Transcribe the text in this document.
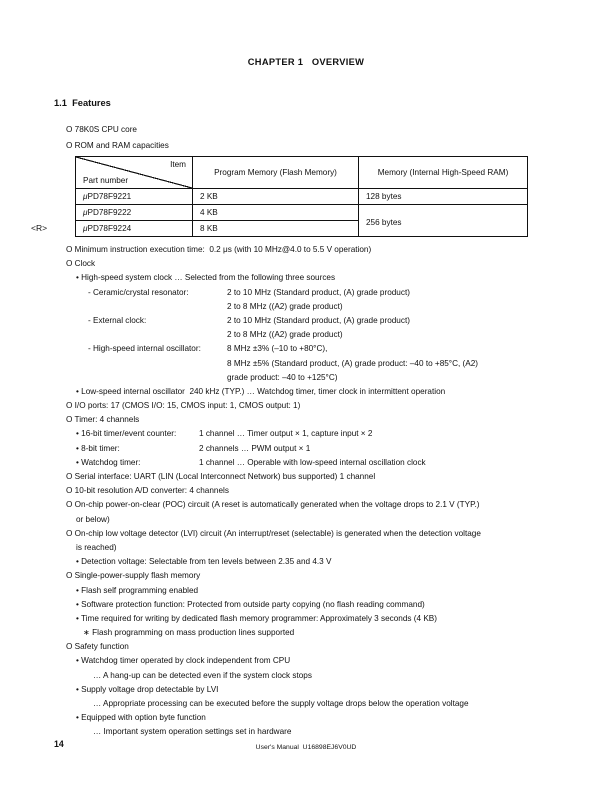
CHAPTER 1   OVERVIEW
1.1  Features
O 78K0S CPU core
O ROM and RAM capacities
<R>
Item
Part number	Program Memory (Flash Memory)	Memory (Internal High-Speed RAM)

μPD78F9221	2 KB	128 bytes

μPD78F9222	4 KB	256 bytes

μPD78F9224	8 KB	
O Minimum instruction execution time:  0.2 μs (with 10 MHz@4.0 to 5.5 V operation)
O Clock
• High-speed system clock … Selected from the following three sources
- Ceramic/crystal resonator:	2 to 10 MHz (Standard product, (A) grade product)
2 to 8 MHz ((A2) grade product)
- External clock:	2 to 10 MHz (Standard product, (A) grade product)
2 to 8 MHz ((A2) grade product)
- High-speed internal oscillator:	8 MHz ±3% (–10 to +80°C),
8 MHz ±5% (Standard product, (A) grade product: –40 to +85°C, (A2)
grade product: –40 to +125°C)
• Low-speed internal oscillator  240 kHz (TYP.) … Watchdog timer, timer clock in intermittent operation
O I/O ports: 17 (CMOS I/O: 15, CMOS input: 1, CMOS output: 1)
O Timer: 4 channels
• 16-bit timer/event counter:	1 channel … Timer output × 1, capture input × 2
• 8-bit timer:	2 channels … PWM output × 1
• Watchdog timer:	1 channel … Operable with low-speed internal oscillation clock
O Serial interface: UART (LIN (Local Interconnect Network) bus supported) 1 channel
O 10-bit resolution A/D converter: 4 channels
O On-chip power-on-clear (POC) circuit (A reset is automatically generated when the voltage drops to 2.1 V (TYP.)
or below)
O On-chip low voltage detector (LVI) circuit (An interrupt/reset (selectable) is generated when the detection voltage
is reached)
• Detection voltage: Selectable from ten levels between 2.35 and 4.3 V
O Single-power-supply flash memory
• Flash self programming enabled
• Software protection function: Protected from outside party copying (no flash reading command)
• Time required for writing by dedicated flash memory programmer: Approximately 3 seconds (4 KB)
∗ Flash programming on mass production lines supported
O Safety function
• Watchdog timer operated by clock independent from CPU
… A hang-up can be detected even if the system clock stops
• Supply voltage drop detectable by LVI
… Appropriate processing can be executed before the supply voltage drops below the operation voltage
• Equipped with option byte function
… Important system operation settings set in hardware
14	User's Manual  U16898EJ6V0UD
